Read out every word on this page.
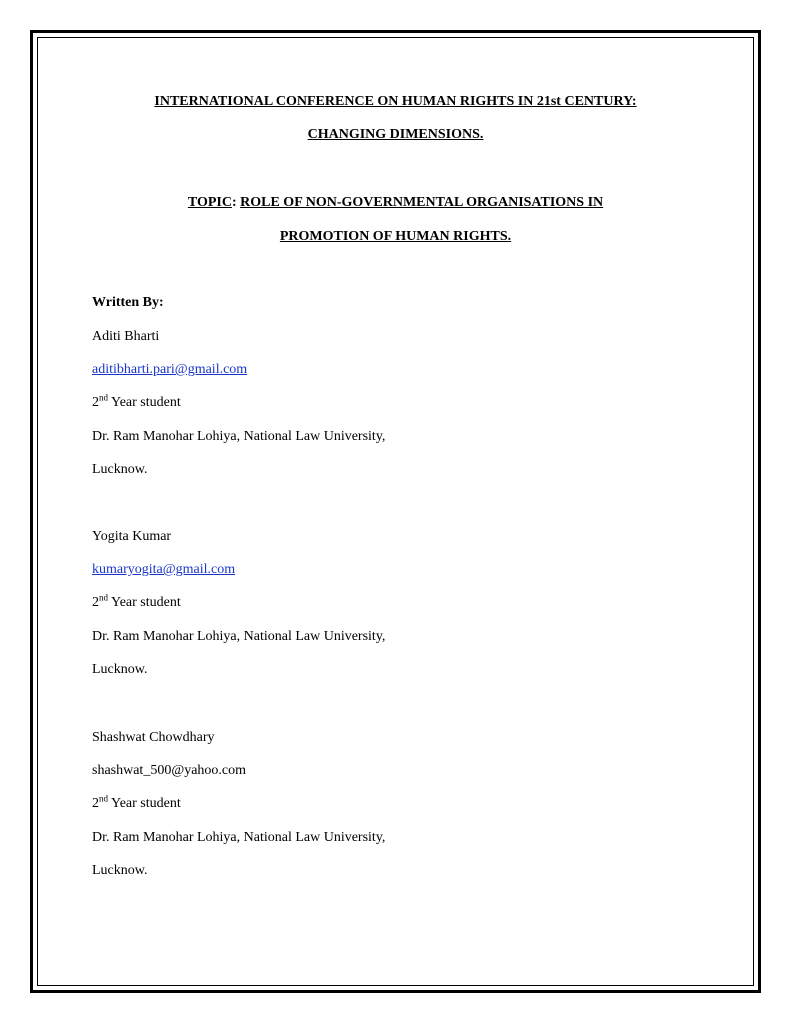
INTERNATIONAL CONFERENCE ON HUMAN RIGHTS IN 21st CENTURY:
CHANGING DIMENSIONS.
TOPIC: ROLE OF NON-GOVERNMENTAL ORGANISATIONS IN
PROMOTION OF HUMAN RIGHTS.
Written By:
Aditi Bharti
aditibharti.pari@gmail.com
2nd Year student
Dr. Ram Manohar Lohiya, National Law University,
Lucknow.
Yogita Kumar
kumaryogita@gmail.com
2nd Year student
Dr. Ram Manohar Lohiya, National Law University,
Lucknow.
Shashwat Chowdhary
shashwat_500@yahoo.com
2nd Year student
Dr. Ram Manohar Lohiya, National Law University,
Lucknow.
